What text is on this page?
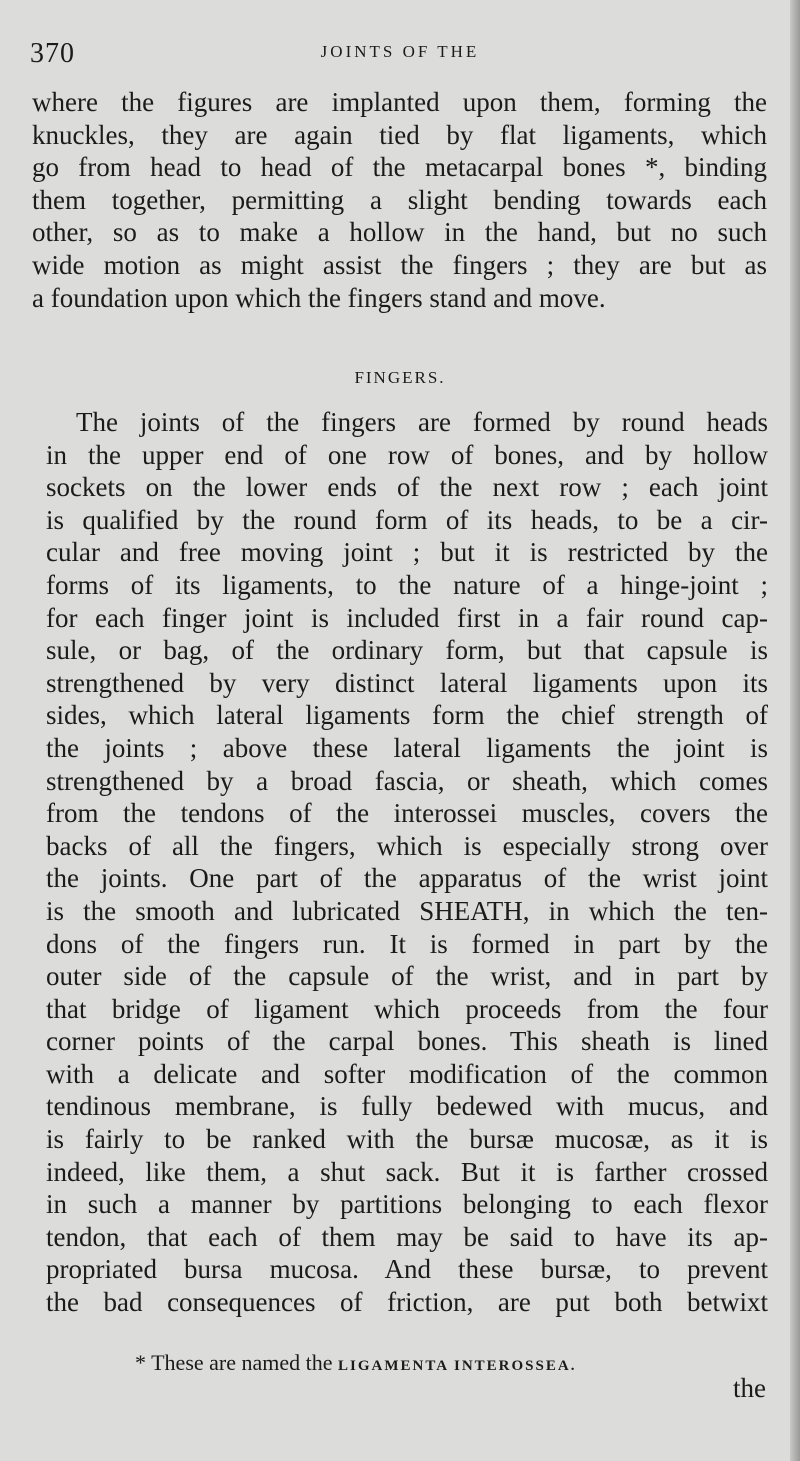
370	JOINTS OF THE
where the figures are implanted upon them, forming the
knuckles, they are again tied by flat ligaments, which
go from head to head of the metacarpal bones *, binding
them together, permitting a slight bending towards each
other, so as to make a hollow in the hand, but no such
wide motion as might assist the fingers ; they are but as
a foundation upon which the fingers stand and move.
FINGERS.
The joints of the fingers are formed by round heads
in the upper end of one row of bones, and by hollow
sockets on the lower ends of the next row ; each joint
is qualified by the round form of its heads, to be a cir-
cular and free moving joint ; but it is restricted by the
forms of its ligaments, to the nature of a hinge-joint ;
for each finger joint is included first in a fair round cap-
sule, or bag, of the ordinary form, but that capsule is
strengthened by very distinct lateral ligaments upon its
sides, which lateral ligaments form the chief strength of
the joints ; above these lateral ligaments the joint is
strengthened by a broad fascia, or sheath, which comes
from the tendons of the interossei muscles, covers the
backs of all the fingers, which is especially strong over
the joints. One part of the apparatus of the wrist joint
is the smooth and lubricated SHEATH, in which the ten-
dons of the fingers run. It is formed in part by the
outer side of the capsule of the wrist, and in part by
that bridge of ligament which proceeds from the four
corner points of the carpal bones. This sheath is lined
with a delicate and softer modification of the common
tendinous membrane, is fully bedewed with mucus, and
is fairly to be ranked with the bursæ mucosæ, as it is
indeed, like them, a shut sack. But it is farther crossed
in such a manner by partitions belonging to each flexor
tendon, that each of them may be said to have its ap-
propriated bursa mucosa. And these bursæ, to prevent
the bad consequences of friction, are put both betwixt
* These are named the LIGAMENTA INTEROSSEA.
the
